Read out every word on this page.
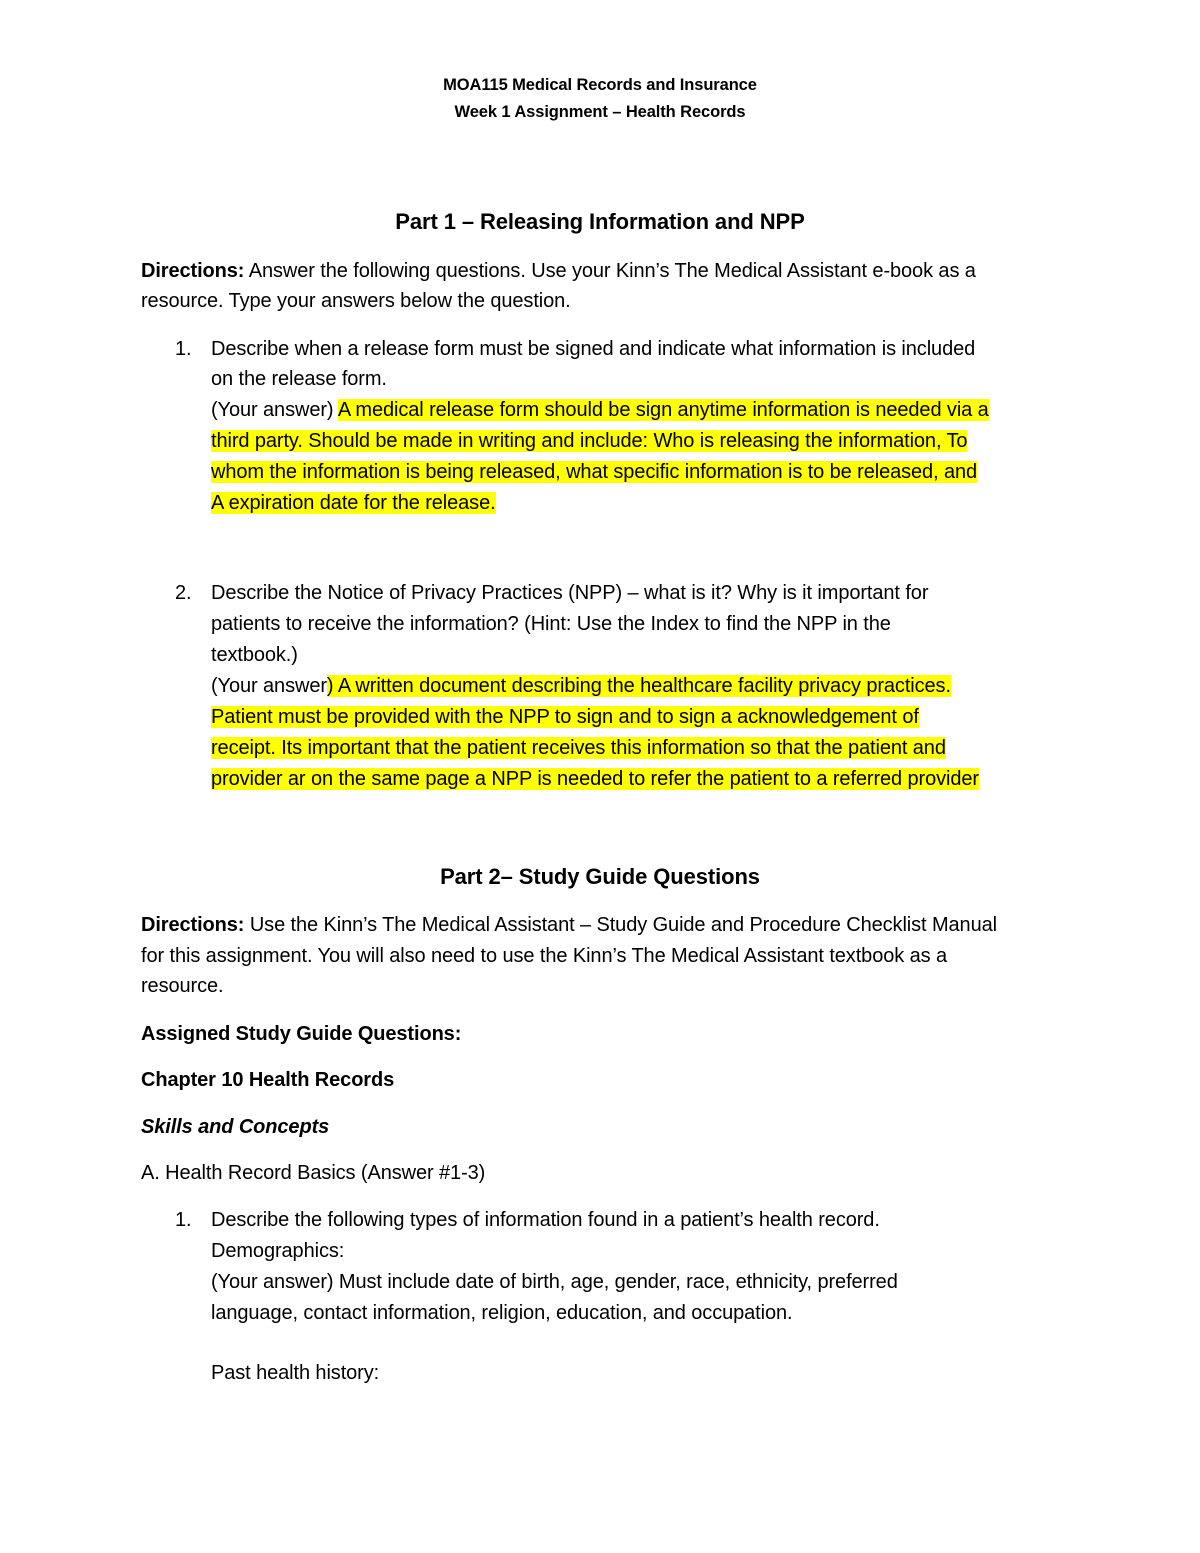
MOA115 Medical Records and Insurance
Week 1 Assignment – Health Records
Part 1 – Releasing Information and NPP
Directions: Answer the following questions. Use your Kinn’s The Medical Assistant e-book as a
resource. Type your answers below the question.
1. Describe when a release form must be signed and indicate what information is included
on the release form.
(Your answer) A medical release form should be sign anytime information is needed via a
third party. Should be made in writing and include: Who is releasing the information, To
whom the information is being released, what specific information is to be released, and
A expiration date for the release.
2. Describe the Notice of Privacy Practices (NPP) – what is it? Why is it important for
patients to receive the information? (Hint: Use the Index to find the NPP in the
textbook.)
(Your answer) A written document describing the healthcare facility privacy practices.
Patient must be provided with the NPP to sign and to sign a acknowledgement of
receipt. Its important that the patient receives this information so that the patient and
provider ar on the same page a NPP is needed to refer the patient to a referred provider
Part 2– Study Guide Questions
Directions: Use the Kinn’s The Medical Assistant – Study Guide and Procedure Checklist Manual
for this assignment. You will also need to use the Kinn’s The Medical Assistant textbook as a
resource.
Assigned Study Guide Questions:
Chapter 10 Health Records
Skills and Concepts
A. Health Record Basics (Answer #1-3)
1. Describe the following types of information found in a patient’s health record.
Demographics:
(Your answer) Must include date of birth, age, gender, race, ethnicity, preferred
language, contact information, religion, education, and occupation.
Past health history:
